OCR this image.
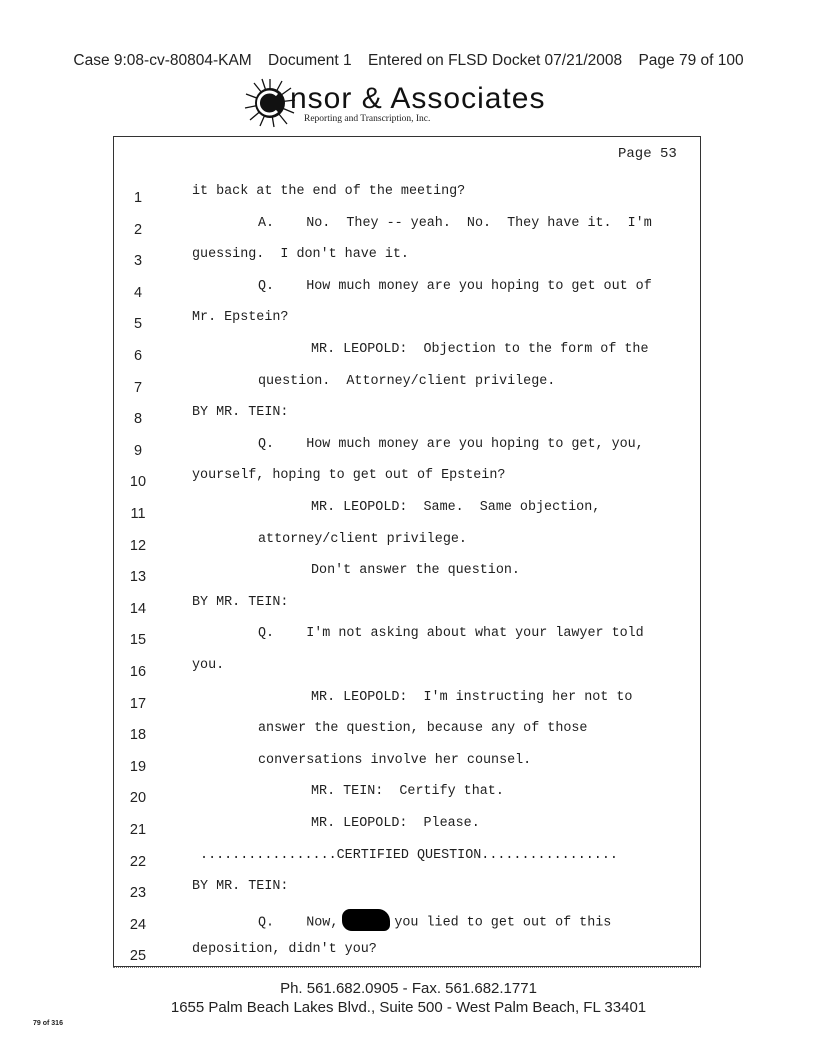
Case 9:08-cv-80804-KAM Document 1 Entered on FLSD Docket 07/21/2008 Page 79 of 100
nsor & Associates
Reporting and Transcription, Inc.
Page 53
1	it back at the end of the meeting?
2	A.    No.  They -- yeah.  No.  They have it.  I'm
3	guessing.  I don't have it.
4	Q.    How much money are you hoping to get out of
5	Mr. Epstein?
6	MR. LEOPOLD:  Objection to the form of the
7	question.  Attorney/client privilege.
8	BY MR. TEIN:
9	Q.    How much money are you hoping to get, you,
10	yourself, hoping to get out of Epstein?
11	MR. LEOPOLD:  Same.  Same objection,
12	attorney/client privilege.
13	Don't answer the question.
14	BY MR. TEIN:
15	Q.    I'm not asking about what your lawyer told
16	you.
17	MR. LEOPOLD:  I'm instructing her not to
18	answer the question, because any of those
19	conversations involve her counsel.
20	MR. TEIN:  Certify that.
21	MR. LEOPOLD:  Please.
22	.................CERTIFIED QUESTION.................
23	BY MR. TEIN:
24	Q.    Now,	you lied to get out of this
25	deposition, didn't you?
Ph. 561.682.0905 - Fax. 561.682.1771
1655 Palm Beach Lakes Blvd., Suite 500 - West Palm Beach, FL 33401
79 of 316
